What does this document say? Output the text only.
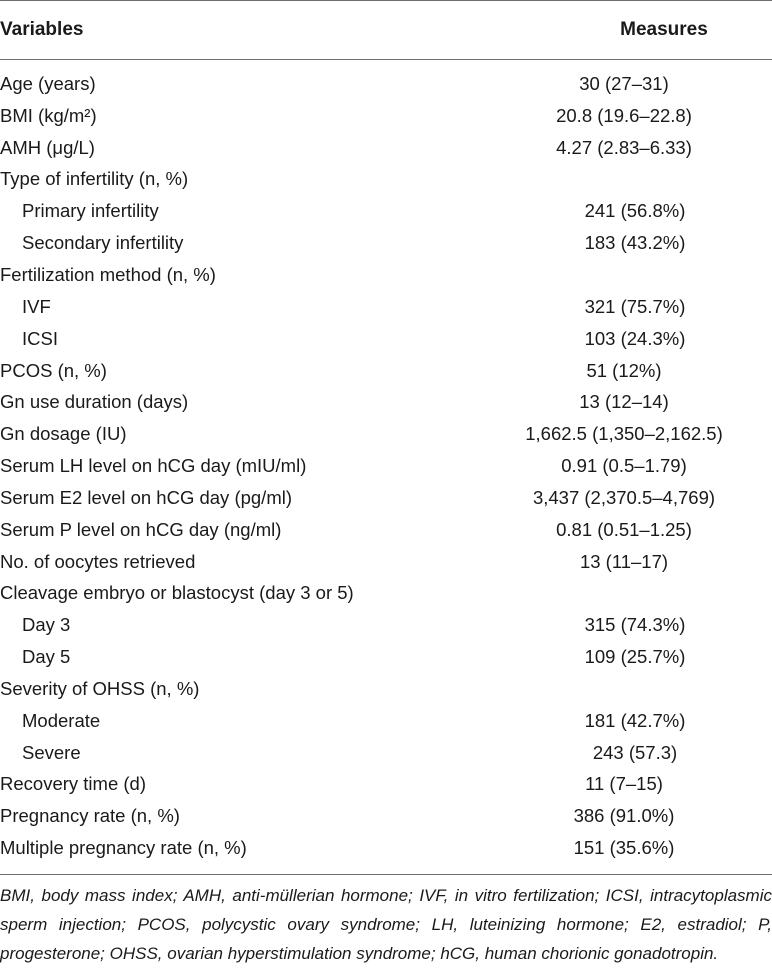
Variables	Measures
Age (years)	30 (27–31)
BMI (kg/m²)	20.8 (19.6–22.8)
AMH (μg/L)	4.27 (2.83–6.33)
Type of infertility (n, %)
Primary infertility	241 (56.8%)
Secondary infertility	183 (43.2%)
Fertilization method (n, %)
IVF	321 (75.7%)
ICSI	103 (24.3%)
PCOS (n, %)	51 (12%)
Gn use duration (days)	13 (12–14)
Gn dosage (IU)	1,662.5 (1,350–2,162.5)
Serum LH level on hCG day (mIU/ml)	0.91 (0.5–1.79)
Serum E2 level on hCG day (pg/ml)	3,437 (2,370.5–4,769)
Serum P level on hCG day (ng/ml)	0.81 (0.51–1.25)
No. of oocytes retrieved	13 (11–17)
Cleavage embryo or blastocyst (day 3 or 5)
Day 3	315 (74.3%)
Day 5	109 (25.7%)
Severity of OHSS (n, %)
Moderate	181 (42.7%)
Severe	243 (57.3)
Recovery time (d)	11 (7–15)
Pregnancy rate (n, %)	386 (91.0%)
Multiple pregnancy rate (n, %)	151 (35.6%)
BMI, body mass index; AMH, anti-müllerian hormone; IVF, in vitro fertilization; ICSI, intracytoplasmic sperm injection; PCOS, polycystic ovary syndrome; LH, luteinizing hormone; E2, estradiol; P, progesterone; OHSS, ovarian hyperstimulation syndrome; hCG, human chorionic gonadotropin.
